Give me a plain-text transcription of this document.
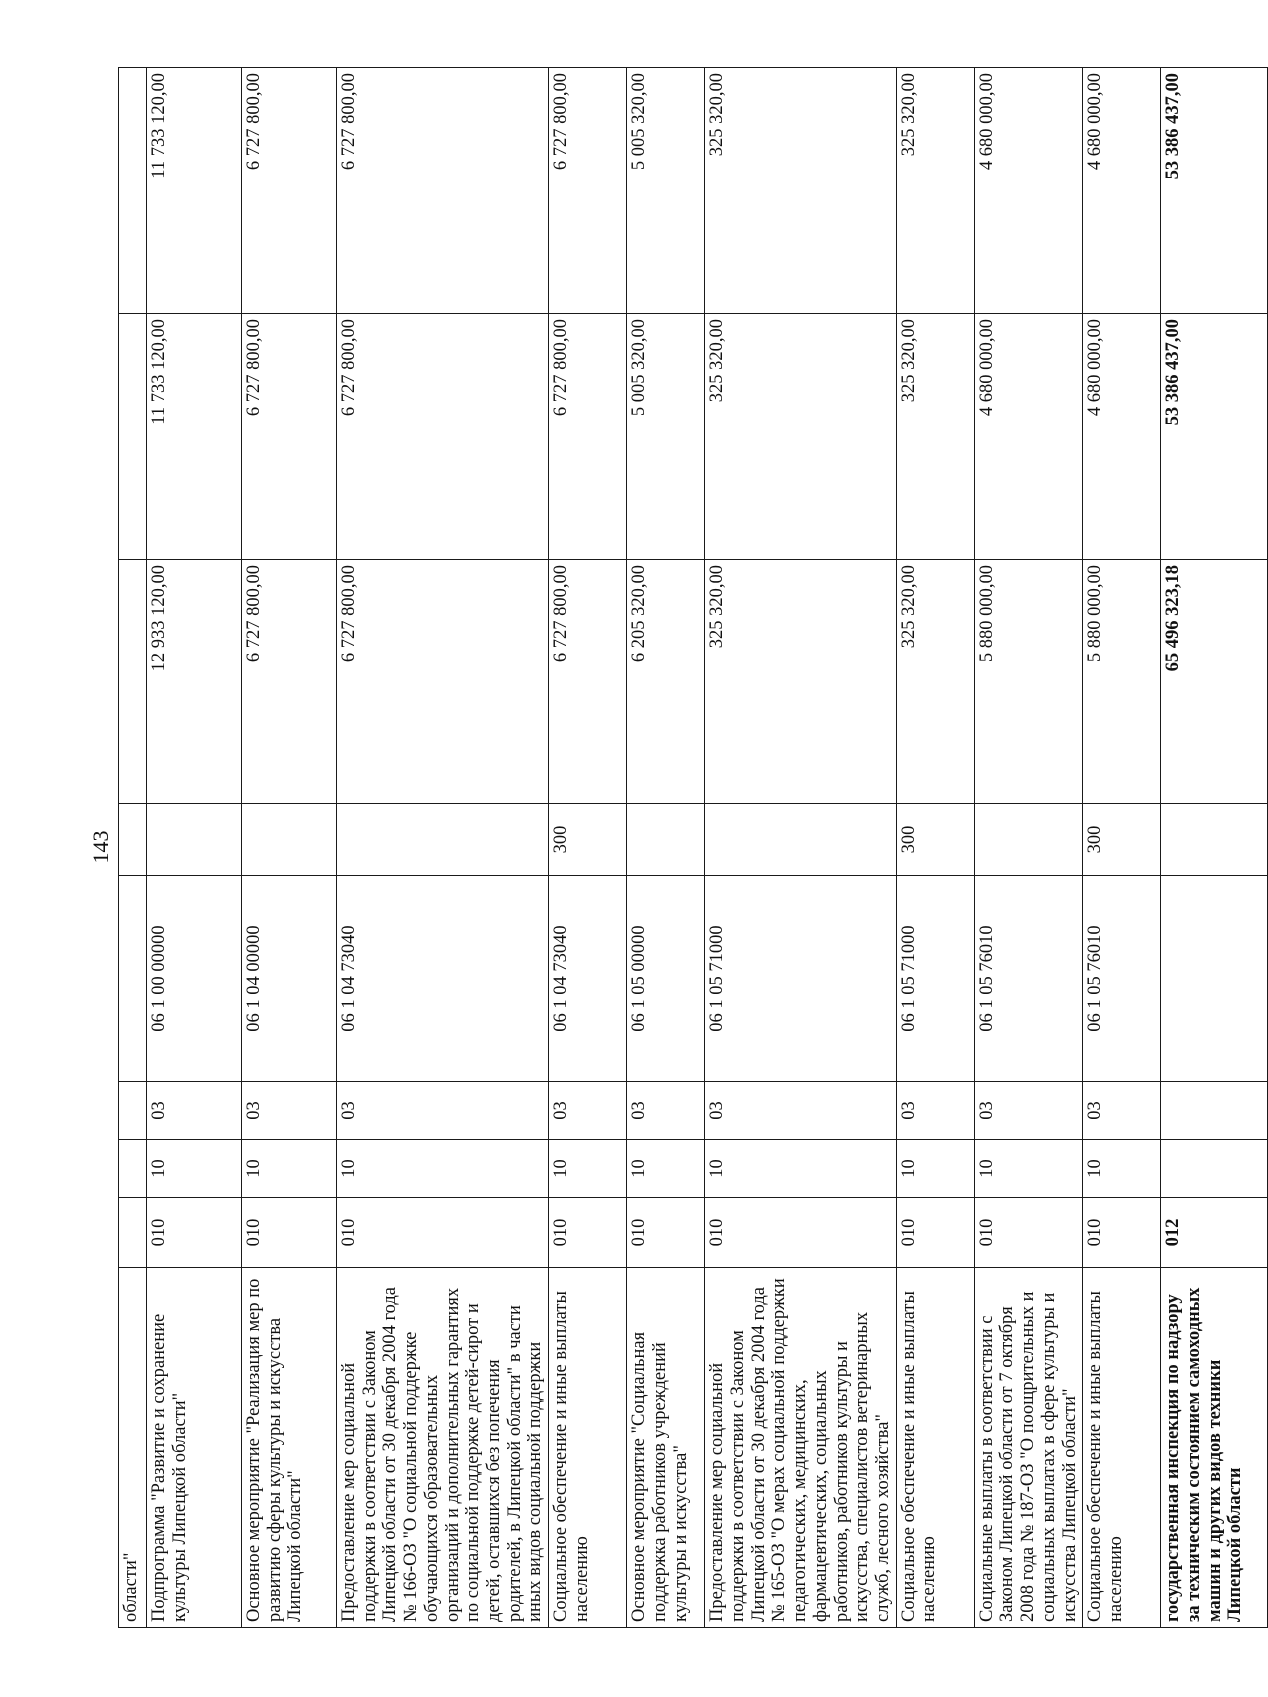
143
области"								
Подпрограмма "Развитие и сохранение культуры Липецкой области"	010	10	03	06 1 00 00000		12 933 120,00	11 733 120,00	11 733 120,00
Основное мероприятие "Реализация мер по развитию сферы культуры и искусства Липецкой области"	010	10	03	06 1 04 00000		6 727 800,00	6 727 800,00	6 727 800,00
Предоставление мер социальной поддержки в соответствии с Законом Липецкой области от 30 декабря 2004 года № 166-ОЗ "О социальной поддержке обучающихся образовательных организаций и дополнительных гарантиях по социальной поддержке детей-сирот и детей, оставшихся без попечения родителей, в Липецкой области" в части иных видов социальной поддержки	010	10	03	06 1 04 73040		6 727 800,00	6 727 800,00	6 727 800,00
Социальное обеспечение и иные выплаты населению	010	10	03	06 1 04 73040	300	6 727 800,00	6 727 800,00	6 727 800,00
Основное мероприятие "Социальная поддержка работников учреждений культуры и искусства"	010	10	03	06 1 05 00000		6 205 320,00	5 005 320,00	5 005 320,00
Предоставление мер социальной поддержки в соответствии с Законом Липецкой области от 30 декабря 2004 года № 165-ОЗ "О мерах социальной поддержки педагогических, медицинских, фармацевтических, социальных работников, работников культуры и искусства, специалистов ветеринарных служб, лесного хозяйства"	010	10	03	06 1 05 71000		325 320,00	325 320,00	325 320,00
Социальное обеспечение и иные выплаты населению	010	10	03	06 1 05 71000	300	325 320,00	325 320,00	325 320,00
Социальные выплаты в соответствии с Законом Липецкой области от 7 октября 2008 года № 187-ОЗ "О поощрительных и социальных выплатах в сфере культуры и искусства Липецкой области"	010	10	03	06 1 05 76010		5 880 000,00	4 680 000,00	4 680 000,00
Социальное обеспечение и иные выплаты населению	010	10	03	06 1 05 76010	300	5 880 000,00	4 680 000,00	4 680 000,00
государственная инспекция по надзору за техническим состоянием самоходных машин и других видов техники Липецкой области	012					65 496 323,18	53 386 437,00	53 386 437,00
